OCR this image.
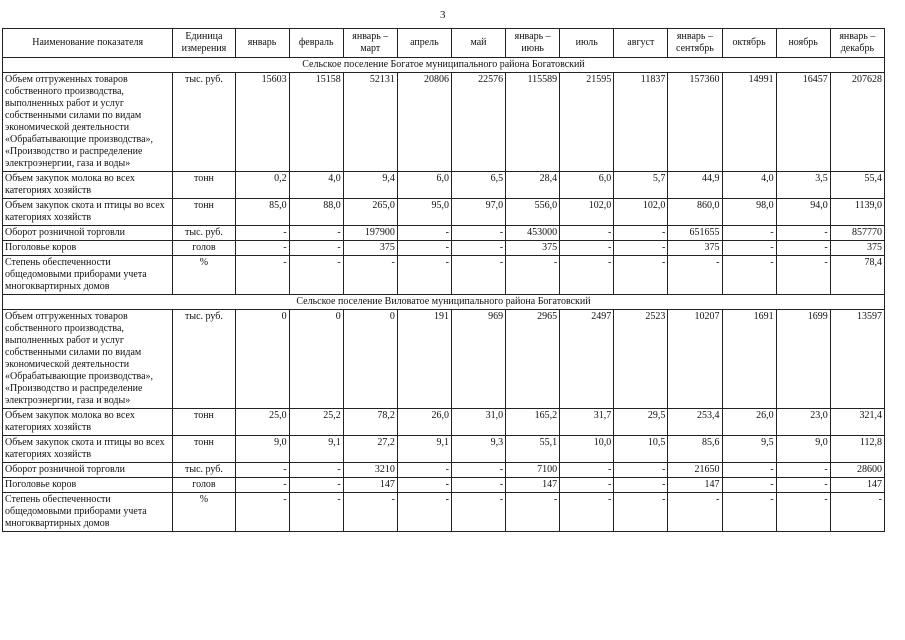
3
Наименование показателя	Единица измерения	январь	февраль	январь – март	апрель	май	январь – июнь	июль	август	январь – сентябрь	октябрь	ноябрь	январь – декабрь
Сельское поселение Богатое муниципального района Богатовский													
Объем отгруженных товаров собственного производства, выполненных работ и услуг собственными силами по видам экономической деятельности «Обрабатывающие производства», «Производство и распределение электроэнергии, газа и воды»	тыс. руб.	15603	15158	52131	20806	22576	115589	21595	11837	157360	14991	16457	207628
Объем закупок молока во всех категориях хозяйств	тонн	0,2	4,0	9,4	6,0	6,5	28,4	6,0	5,7	44,9	4,0	3,5	55,4
Объем закупок скота и птицы во всех категориях хозяйств	тонн	85,0	88,0	265,0	95,0	97,0	556,0	102,0	102,0	860,0	98,0	94,0	1139,0
Оборот розничной торговли	тыс. руб.	-	-	197900	-	-	453000	-	-	651655	-	-	857770
Поголовье коров	голов	-	-	375	-	-	375	-	-	375	-	-	375
Степень обеспеченности общедомовыми приборами учета многоквартирных домов	%	-	-	-	-	-	-	-	-	-	-	-	78,4
Сельское поселение Виловатое муниципального района Богатовский													
Объем отгруженных товаров собственного производства, выполненных работ и услуг собственными силами по видам экономической деятельности «Обрабатывающие производства», «Производство и распределение электроэнергии, газа и воды»	тыс. руб.	0	0	0	191	969	2965	2497	2523	10207	1691	1699	13597
Объем закупок молока во всех категориях хозяйств	тонн	25,0	25,2	78,2	26,0	31,0	165,2	31,7	29,5	253,4	26,0	23,0	321,4
Объем закупок скота и птицы во всех категориях хозяйств	тонн	9,0	9,1	27,2	9,1	9,3	55,1	10,0	10,5	85,6	9,5	9,0	112,8
Оборот розничной торговли	тыс. руб.	-	-	3210	-	-	7100	-	-	21650	-	-	28600
Поголовье коров	голов	-	-	147	-	-	147	-	-	147	-	-	147
Степень обеспеченности общедомовыми приборами учета многоквартирных домов	%	-	-	-	-	-	-	-	-	-	-	-	-
